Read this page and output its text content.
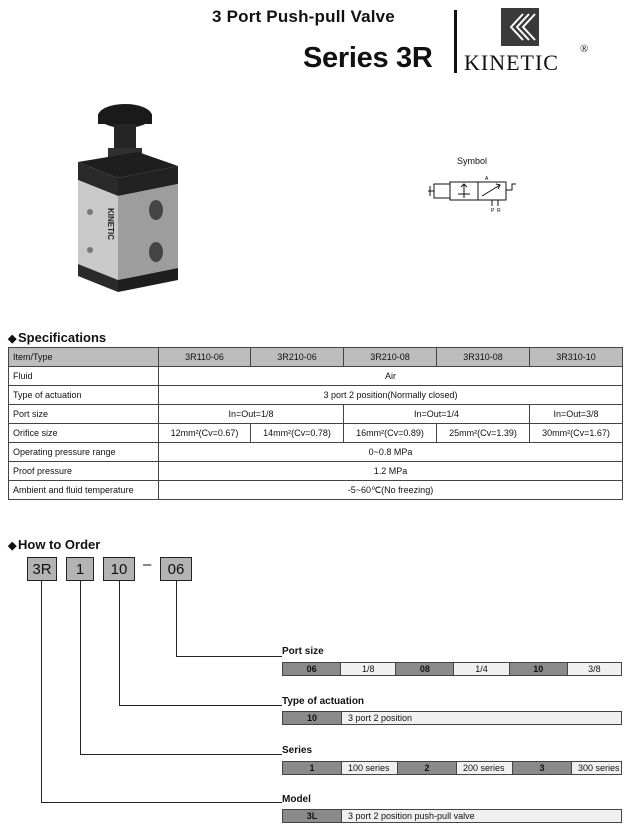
3 Port Push-pull Valve
Series 3R KINETIC
®
KINETIC
Symbol
P R
A
◆ Specifications
Item/Type	3R110-06	3R210-06	3R210-08	3R310-08	3R310-10
Fluid	Air				
Type of actuation	3 port 2 position(Normally closed)				
Port size	In=Out=1/8		In=Out=1/4		In=Out=3/8
Orifice size	12mm²(Cv=0.67)	14mm²(Cv=0.78)	16mm²(Cv=0.89)	25mm²(Cv=1.39)	30mm²(Cv=1.67)
Operating pressure range	0~0.8 MPa				
Proof pressure	1.2 MPa				
Ambient and fluid temperature	-5~60℃(No freezing)				
◆ How to Order
3R	1	10	–	06
Port size
06	1/8	08	1/4	10	3/8
Type of actuation
10	3 port 2 position
Series
1	100 series	2	200 series	3	300 series
Model
3L	3 port 2 position push-pull valve
